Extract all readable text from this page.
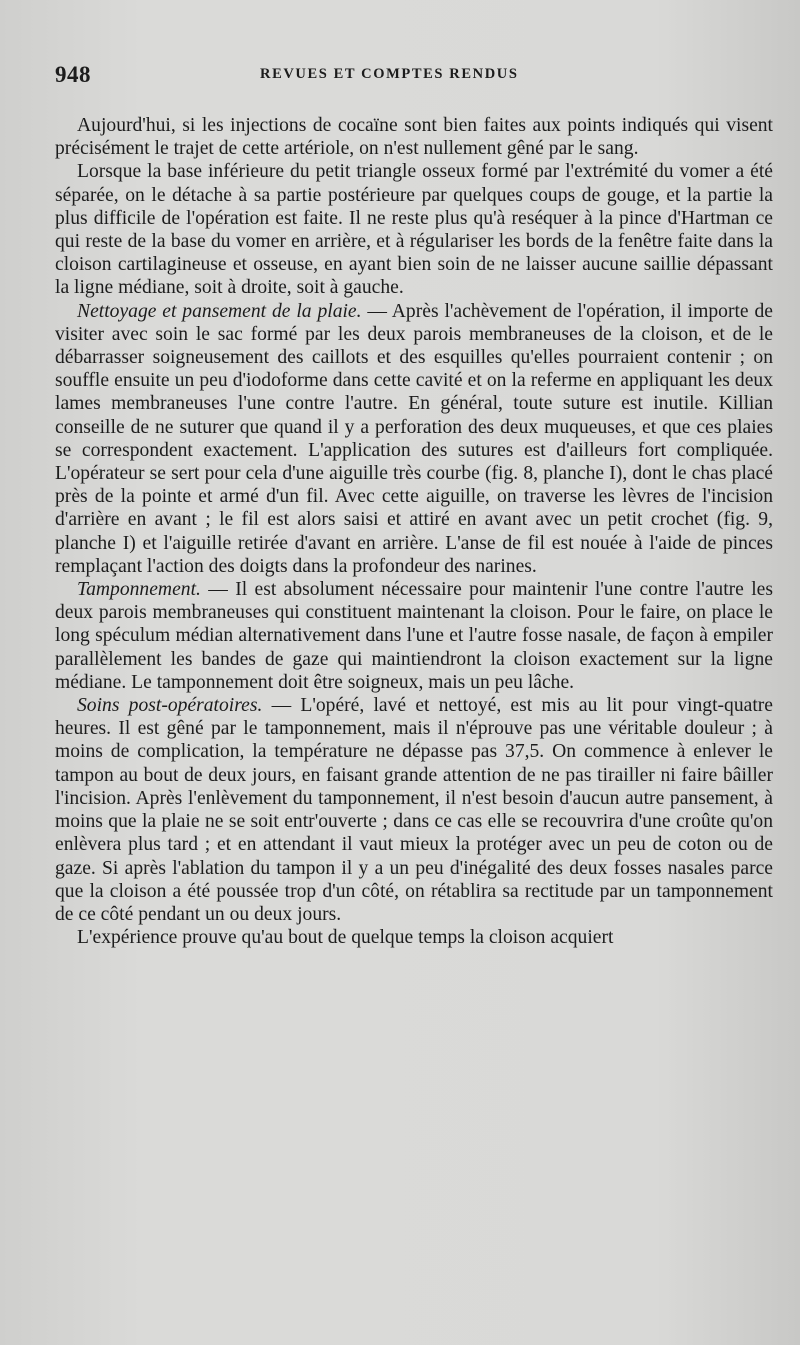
948	REVUES ET COMPTES RENDUS

Aujourd'hui, si les injections de cocaïne sont bien faites aux points indiqués qui visent précisément le trajet de cette artériole, on n'est nullement gêné par le sang.

Lorsque la base inférieure du petit triangle osseux formé par l'extrémité du vomer a été séparée, on le détache à sa partie postérieure par quelques coups de gouge, et la partie la plus difficile de l'opération est faite. Il ne reste plus qu'à reséquer à la pince d'Hartman ce qui reste de la base du vomer en arrière, et à régulariser les bords de la fenêtre faite dans la cloison cartilagineuse et osseuse, en ayant bien soin de ne laisser aucune saillie dépassant la ligne médiane, soit à droite, soit à gauche.

Nettoyage et pansement de la plaie. — Après l'achèvement de l'opération, il importe de visiter avec soin le sac formé par les deux parois membraneuses de la cloison, et de le débarrasser soigneusement des caillots et des esquilles qu'elles pourraient contenir ; on souffle ensuite un peu d'iodoforme dans cette cavité et on la referme en appliquant les deux lames membraneuses l'une contre l'autre. En général, toute suture est inutile. Killian conseille de ne suturer que quand il y a perforation des deux muqueuses, et que ces plaies se correspondent exactement. L'application des sutures est d'ailleurs fort compliquée. L'opérateur se sert pour cela d'une aiguille très courbe (fig. 8, planche I), dont le chas placé près de la pointe et armé d'un fil. Avec cette aiguille, on traverse les lèvres de l'incision d'arrière en avant ; le fil est alors saisi et attiré en avant avec un petit crochet (fig. 9, planche I) et l'aiguille retirée d'avant en arrière. L'anse de fil est nouée à l'aide de pinces remplaçant l'action des doigts dans la profondeur des narines.

Tamponnement. — Il est absolument nécessaire pour maintenir l'une contre l'autre les deux parois membraneuses qui constituent maintenant la cloison. Pour le faire, on place le long spéculum médian alternativement dans l'une et l'autre fosse nasale, de façon à empiler parallèlement les bandes de gaze qui maintiendront la cloison exactement sur la ligne médiane. Le tamponnement doit être soigneux, mais un peu lâche.

Soins post-opératoires. — L'opéré, lavé et nettoyé, est mis au lit pour vingt-quatre heures. Il est gêné par le tamponnement, mais il n'éprouve pas une véritable douleur ; à moins de complication, la température ne dépasse pas 37,5. On commence à enlever le tampon au bout de deux jours, en faisant grande attention de ne pas tirailler ni faire bâiller l'incision. Après l'enlèvement du tamponnement, il n'est besoin d'aucun autre pansement, à moins que la plaie ne se soit entr'ouverte ; dans ce cas elle se recouvrira d'une croûte qu'on enlèvera plus tard ; et en attendant il vaut mieux la protéger avec un peu de coton ou de gaze. Si après l'ablation du tampon il y a un peu d'inégalité des deux fosses nasales parce que la cloison a été poussée trop d'un côté, on rétablira sa rectitude par un tamponnement de ce côté pendant un ou deux jours.

L'expérience prouve qu'au bout de quelque temps la cloison acquiert
